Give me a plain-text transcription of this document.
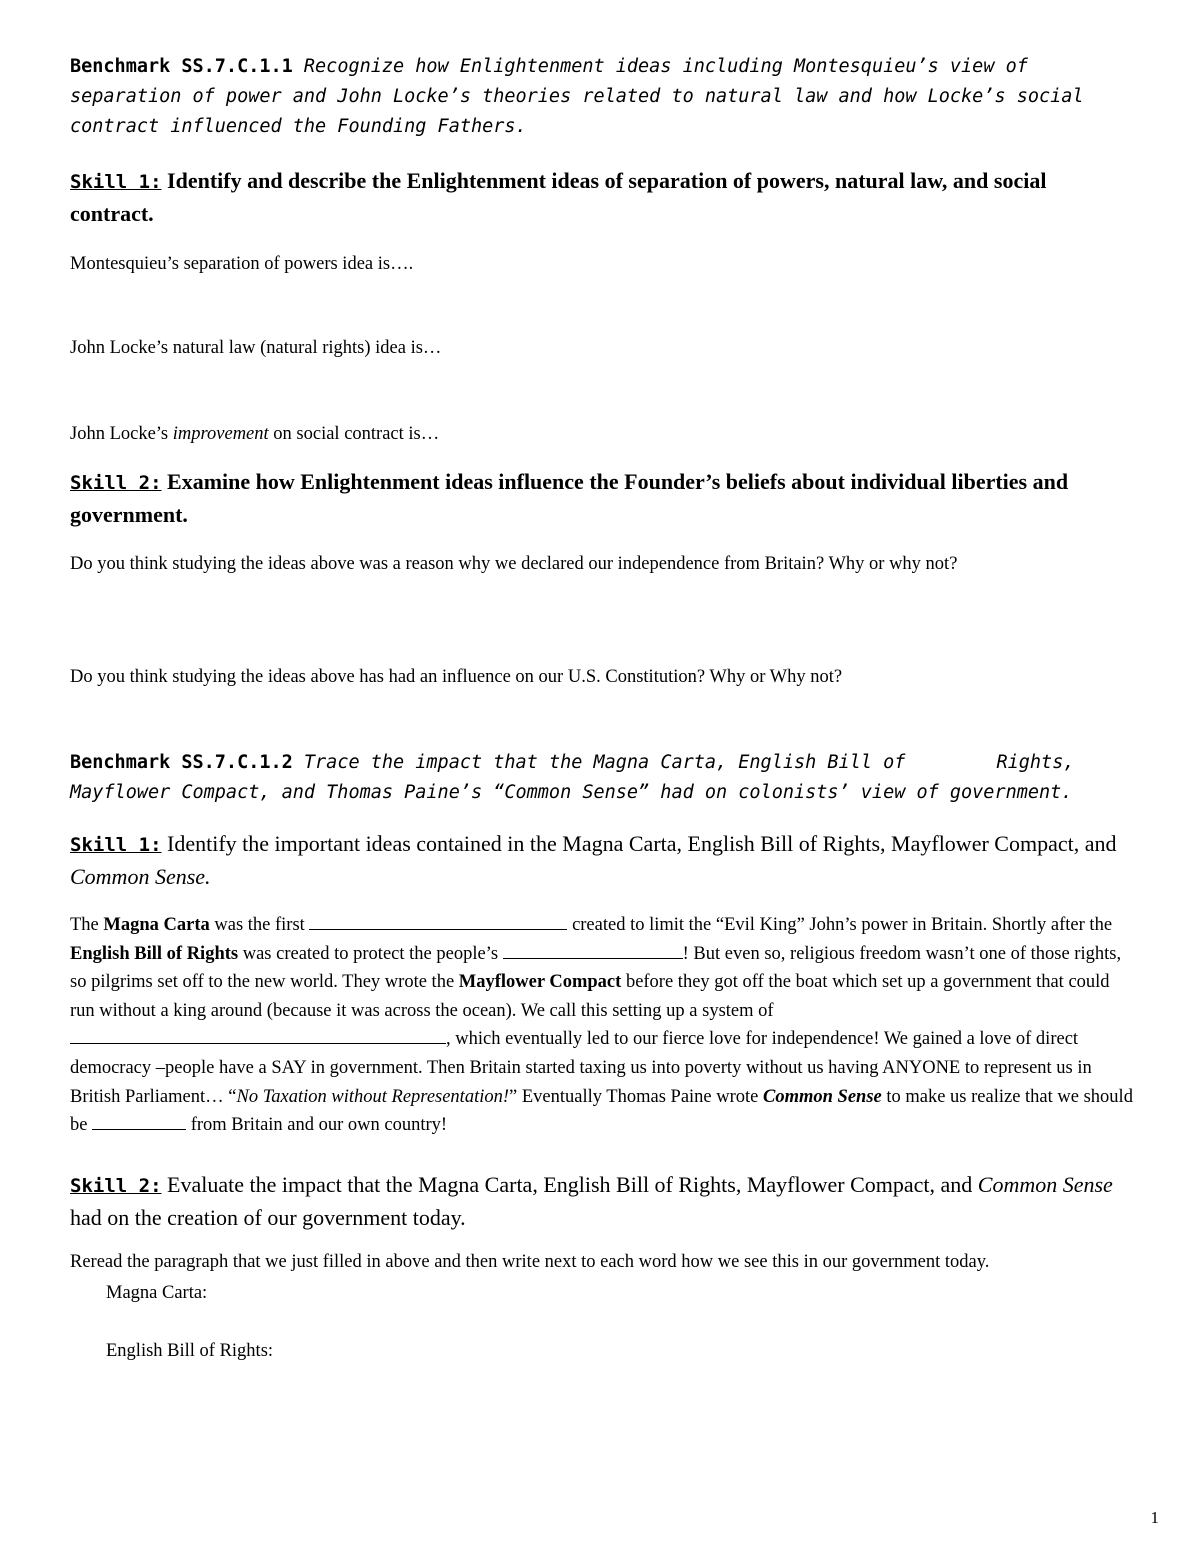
Benchmark SS.7.C.1.1 Recognize how Enlightenment ideas including Montesquieu’s view of separation of power and John Locke’s theories related to natural law and how Locke’s social contract influenced the Founding Fathers.

Skill 1: Identify and describe the Enlightenment ideas of separation of powers, natural law, and social contract.

Montesquieu’s separation of powers idea is….

John Locke’s natural law (natural rights) idea is…

John Locke’s improvement on social contract is…

Skill 2: Examine how Enlightenment ideas influence the Founder’s beliefs about individual liberties and government.

Do you think studying the ideas above was a reason why we declared our independence from Britain? Why or why not?

Do you think studying the ideas above has had an influence on our U.S. Constitution? Why or Why not?

Benchmark SS.7.C.1.2 Trace the impact that the Magna Carta, English Bill of	Rights, Mayflower Compact, and Thomas Paine’s “Common Sense” had on colonists’ view of government.

Skill 1: Identify the important ideas contained in the Magna Carta, English Bill of Rights, Mayflower Compact, and Common Sense.

The Magna Carta was the first	created to limit the “Evil King” John’s power in Britain. Shortly after the English Bill of Rights was created to protect the people’s	! But even so, religious freedom wasn’t one of those rights, so pilgrims set off to the new world. They wrote the Mayflower Compact before they got off the boat which set up a government that could run without a king around (because it was across the ocean). We call this setting up a system of , which eventually led to our fierce love for independence! We gained a love of direct democracy –people have a SAY in government. Then Britain started taxing us into poverty without us having ANYONE to represent us in British Parliament… “No Taxation without Representation!” Eventually Thomas Paine wrote Common Sense to make us realize that we should be	from Britain and our own country!

Skill 2: Evaluate the impact that the Magna Carta, English Bill of Rights, Mayflower Compact, and Common Sense had on the creation of our government today.

Reread the paragraph that we just filled in above and then write next to each word how we see this in our government today.

Magna Carta:

English Bill of Rights:

1
